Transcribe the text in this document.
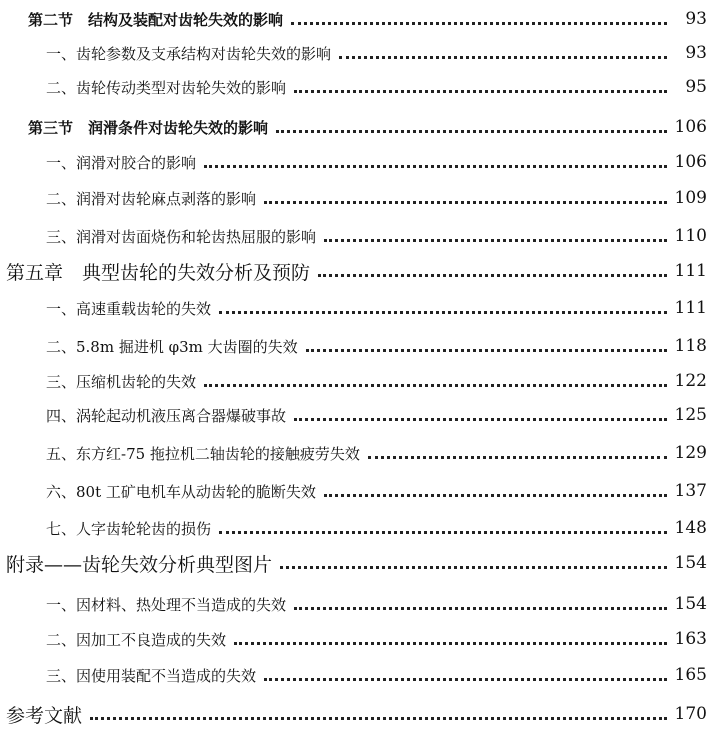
第二节　结构及装配对齿轮失效的影响	93
一、齿轮参数及支承结构对齿轮失效的影响	93
二、齿轮传动类型对齿轮失效的影响	95
第三节　润滑条件对齿轮失效的影响	106
一、润滑对胶合的影响	106
二、润滑对齿轮麻点剥落的影响	109
三、润滑对齿面烧伤和轮齿热屈服的影响	110
第五章　典型齿轮的失效分析及预防	111
一、高速重载齿轮的失效	111
二、5.8m 掘进机 φ3m 大齿圈的失效	118
三、压缩机齿轮的失效	122
四、涡轮起动机液压离合器爆破事故	125
五、东方红-75 拖拉机二轴齿轮的接触疲劳失效	129
六、80t 工矿电机车从动齿轮的脆断失效	137
七、人字齿轮轮齿的损伤	148
附录——齿轮失效分析典型图片	154
一、因材料、热处理不当造成的失效	154
二、因加工不良造成的失效	163
三、因使用装配不当造成的失效	165
参考文献	170
